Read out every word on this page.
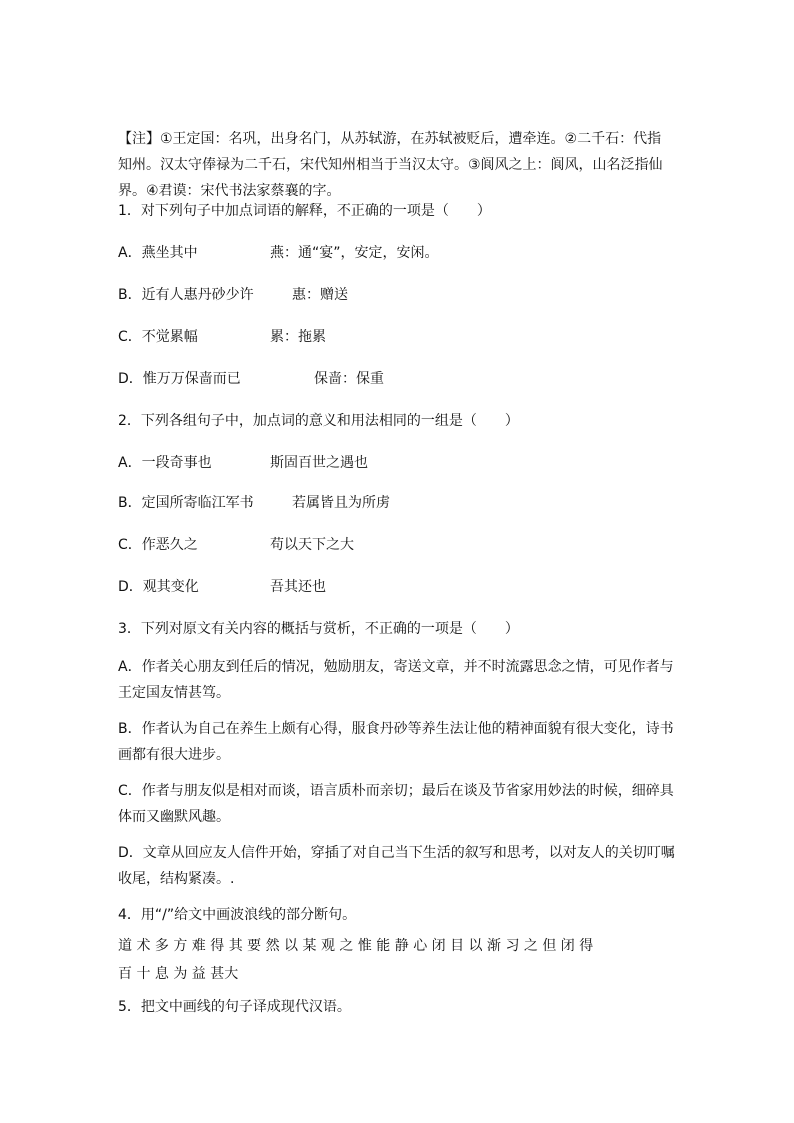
【注】①王定国：名巩，出身名门，从苏轼游，在苏轼被贬后，遭牵连。②二千石：代指
知州。汉太守俸禄为二千石，宋代知州相当于当汉太守。③阆风之上：阆风，山名泛指仙
界。④君谟：宋代书法家蔡襄的字。
1．对下列句子中加点词语的解释，不正确的一项是（　　）
A．燕坐其中	燕：通“宴”，安定，安闲。
B．近有人惠丹砂少许	惠：赠送
C．不觉累幅	累：拖累
D．惟万万保啬而已	保啬：保重
2．下列各组句子中，加点词的意义和用法相同的一组是（　　）
A．一段奇事也	斯固百世之遇也
B．定国所寄临江军书	若属皆且为所虏
C．作恶久之	苟以天下之大
D．观其变化	吾其还也
3．下列对原文有关内容的概括与赏析，不正确的一项是（　　）
A．作者关心朋友到任后的情况，勉励朋友，寄送文章，并不时流露思念之情，可见作者与
王定国友情甚笃。
B．作者认为自己在养生上颇有心得，服食丹砂等养生法让他的精神面貌有很大变化，诗书
画都有很大进步。
C．作者与朋友似是相对而谈，语言质朴而亲切；最后在谈及节省家用妙法的时候，细碎具
体而又幽默风趣。
D．文章从回应友人信件开始，穿插了对自己当下生活的叙写和思考，以对友人的关切叮嘱
收尾，结构紧凑。.
4．用“/”给文中画波浪线的部分断句。
道 术 多 方 难 得 其 要 然 以 某 观 之 惟 能 静 心 闭 目 以 渐 习 之 但 闭 得
百 十 息 为 益 甚大
5．把文中画线的句子译成现代汉语。
